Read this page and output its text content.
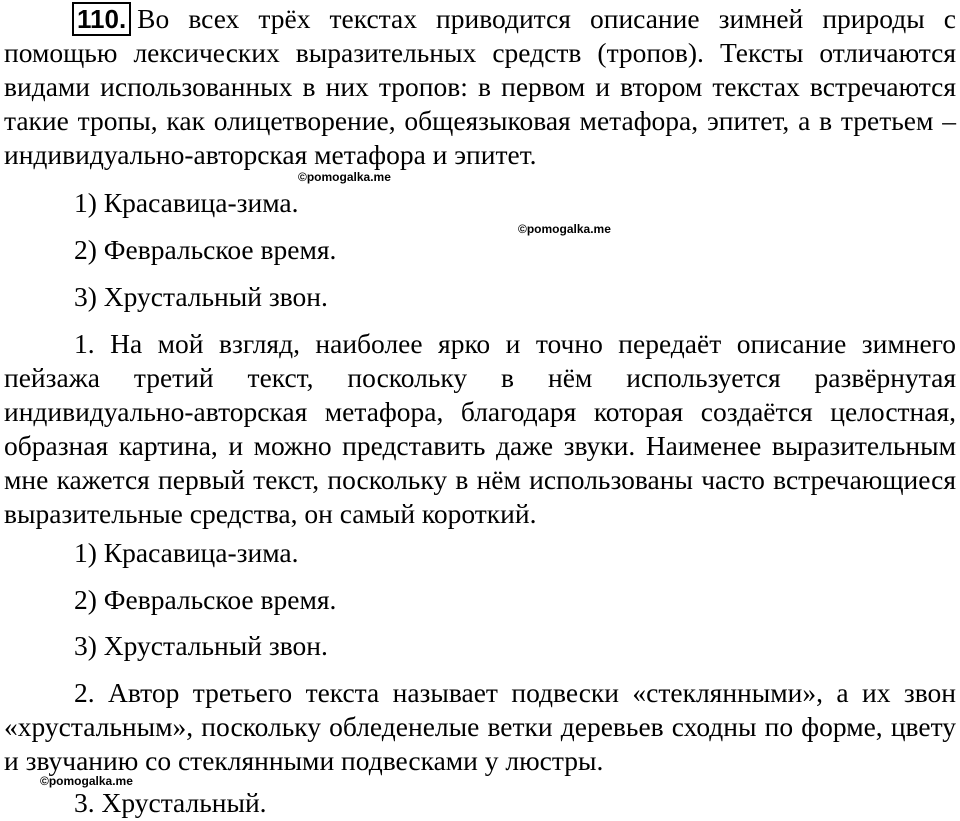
110. Во всех трёх текстах приводится описание зимней природы с помощью лексических выразительных средств (тропов). Тексты отличаются видами использованных в них тропов: в первом и втором текстах встречаются такие тропы, как олицетворение, общеязыковая метафора, эпитет, а в третьем – индивидуально-авторская метафора и эпитет.
©pomogalka.me
1) Красавица-зима.
©pomogalka.me
2) Февральское время.
3) Хрустальный звон.
1. На мой взгляд, наиболее ярко и точно передаёт описание зимнего пейзажа третий текст, поскольку в нём используется развёрнутая индивидуально-авторская метафора, благодаря которая создаётся целостная, образная картина, и можно представить даже звуки. Наименее выразительным мне кажется первый текст, поскольку в нём использованы часто встречающиеся выразительные средства, он самый короткий.
1) Красавица-зима.
2) Февральское время.
3) Хрустальный звон.
2. Автор третьего текста называет подвески «стеклянными», а их звон «хрустальным», поскольку обледенелые ветки деревьев сходны по форме, цвету и звучанию со стеклянными подвесками у люстры.
©pomogalka.me
3. Хрустальный.
